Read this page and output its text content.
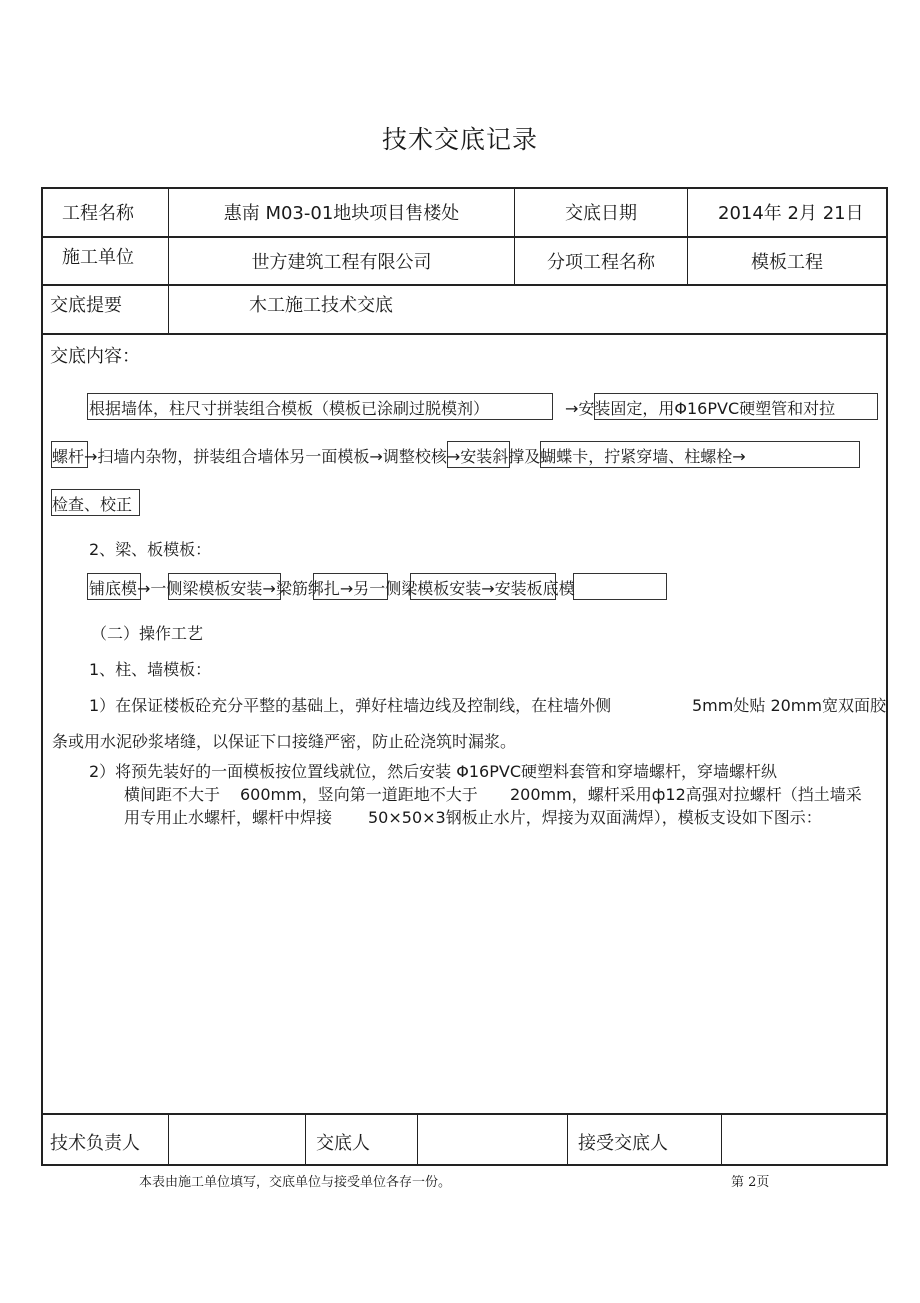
技术交底记录
工程名称	惠南 M03-01地块项目售楼处	交底日期	2014年 2月 21日
施工单位	世方建筑工程有限公司	分项工程名称	模板工程
交底提要	木工施工技术交底
交底内容：
根据墙体，柱尺寸拼装组合模板（模板已涂刷过脱模剂）	→安装固定，用Φ16PVC硬塑管和对拉
螺杆→扫墙内杂物，拼装组合墙体另一面模板→调整校核→安装斜撑及蝴蝶卡，拧紧穿墙、柱螺栓→
检查、校正
2、梁、板模板：
铺底模→一侧梁模板安装→梁筋绑扎→另一侧梁模板安装→安装板底模
（二）操作工艺
1、柱、墙模板：
1）在保证楼板砼充分平整的基础上，弹好柱墙边线及控制线，在柱墙外侧	5mm处贴 20mm宽双面胶
条或用水泥砂浆堵缝，以保证下口接缝严密，防止砼浇筑时漏浆。
2）将预先装好的一面模板按位置线就位，然后安装 Φ16PVC硬塑料套管和穿墙螺杆，穿墙螺杆纵
横间距不大于 600mm，竖向第一道距地不大于 200mm，螺杆采用ф12高强对拉螺杆（挡土墙采
用专用止水螺杆，螺杆中焊接 50×50×3钢板止水片，焊接为双面满焊），模板支设如下图示：
技术负责人	交底人	接受交底人
本表由施工单位填写，交底单位与接受单位各存一份。	第 2页
